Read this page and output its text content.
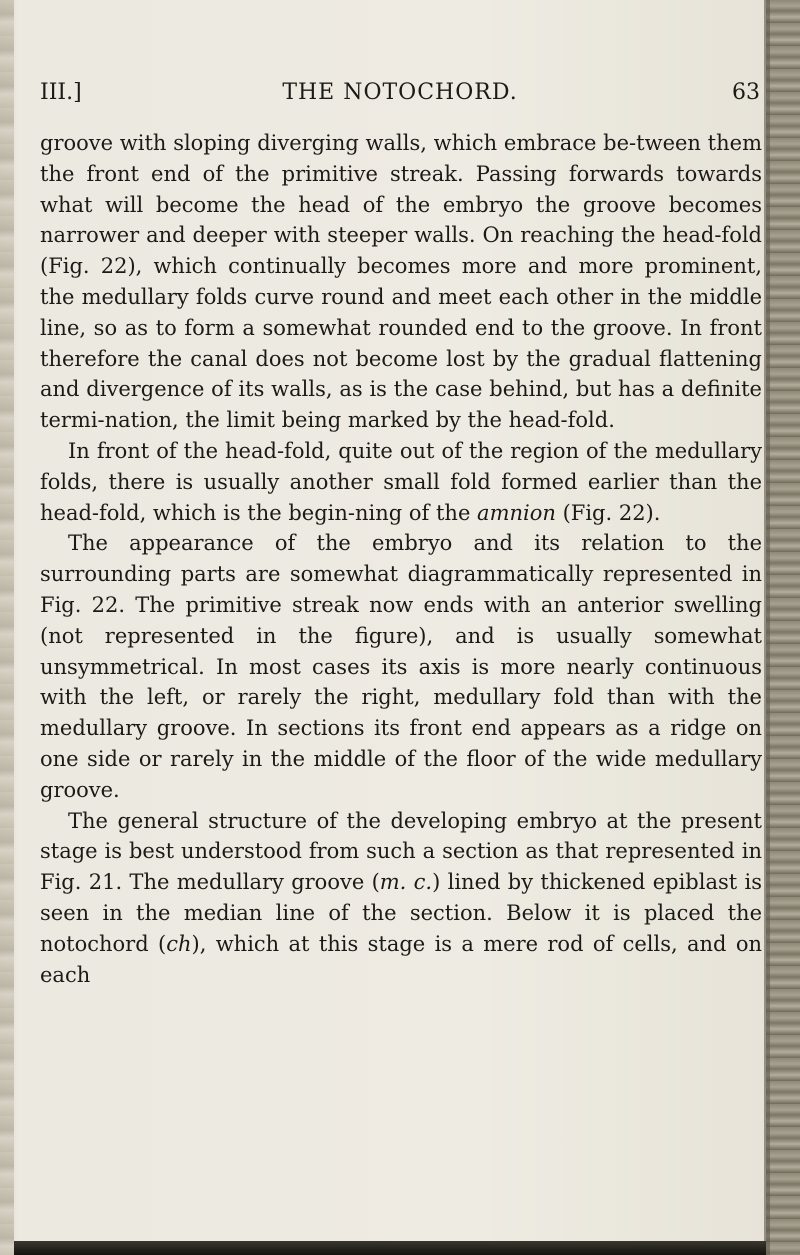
III.]	THE NOTOCHORD.	63

groove with sloping diverging walls, which embrace be-tween them the front end of the primitive streak. Passing forwards towards what will become the head of the embryo the groove becomes narrower and deeper with steeper walls. On reaching the head-fold (Fig. 22), which continually becomes more and more prominent, the medullary folds curve round and meet each other in the middle line, so as to form a somewhat rounded end to the groove. In front therefore the canal does not become lost by the gradual flattening and divergence of its walls, as is the case behind, but has a definite termi-nation, the limit being marked by the head-fold.

In front of the head-fold, quite out of the region of the medullary folds, there is usually another small fold formed earlier than the head-fold, which is the begin-ning of the amnion (Fig. 22).

The appearance of the embryo and its relation to the surrounding parts are somewhat diagrammatically represented in Fig. 22. The primitive streak now ends with an anterior swelling (not represented in the figure), and is usually somewhat unsymmetrical. In most cases its axis is more nearly continuous with the left, or rarely the right, medullary fold than with the medullary groove. In sections its front end appears as a ridge on one side or rarely in the middle of the floor of the wide medullary groove.

The general structure of the developing embryo at the present stage is best understood from such a section as that represented in Fig. 21. The medullary groove (m. c.) lined by thickened epiblast is seen in the median line of the section. Below it is placed the notochord (ch), which at this stage is a mere rod of cells, and on each
